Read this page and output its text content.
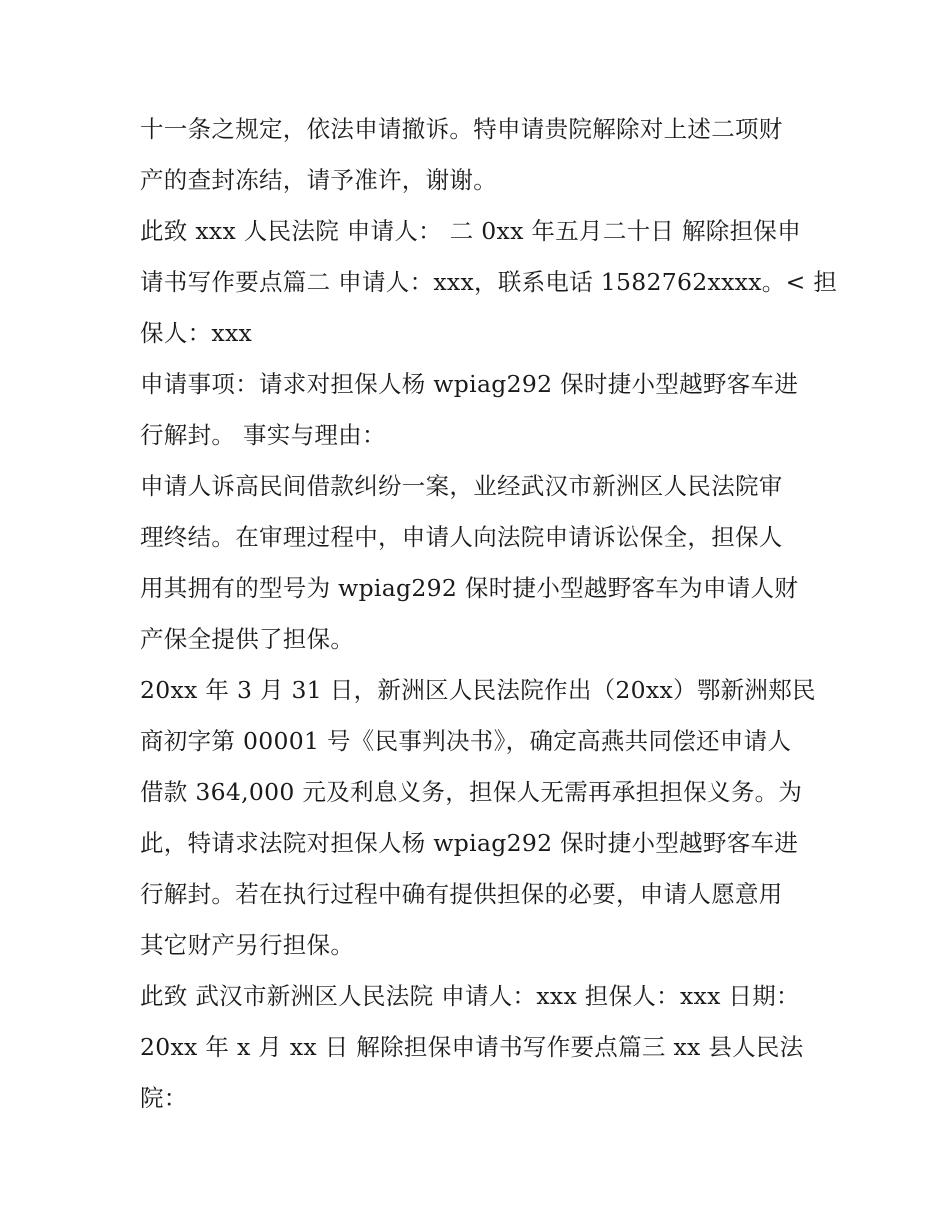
十一条之规定，依法申请撤诉。特申请贵院解除对上述二项财
产的查封冻结，请予准许，谢谢。
此致 xxx 人民法院 申请人： 二 0xx 年五月二十日 解除担保申
请书写作要点篇二 申请人：xxx，联系电话 1582762xxxx。< 担
保人：xxx
申请事项：请求对担保人杨 wpiag292 保时捷小型越野客车进
行解封。 事实与理由：
申请人诉高民间借款纠纷一案，业经武汉市新洲区人民法院审
理终结。在审理过程中，申请人向法院申请诉讼保全，担保人
用其拥有的型号为 wpiag292 保时捷小型越野客车为申请人财
产保全提供了担保。
20xx 年 3 月 31 日，新洲区人民法院作出（20xx）鄂新洲郏民
商初字第 00001 号《民事判决书》，确定高燕共同偿还申请人
借款 364,000 元及利息义务，担保人无需再承担担保义务。为
此，特请求法院对担保人杨 wpiag292 保时捷小型越野客车进
行解封。若在执行过程中确有提供担保的必要，申请人愿意用
其它财产另行担保。
此致 武汉市新洲区人民法院 申请人：xxx 担保人：xxx 日期：
20xx 年 x 月 xx 日 解除担保申请书写作要点篇三 xx 县人民法
院：
